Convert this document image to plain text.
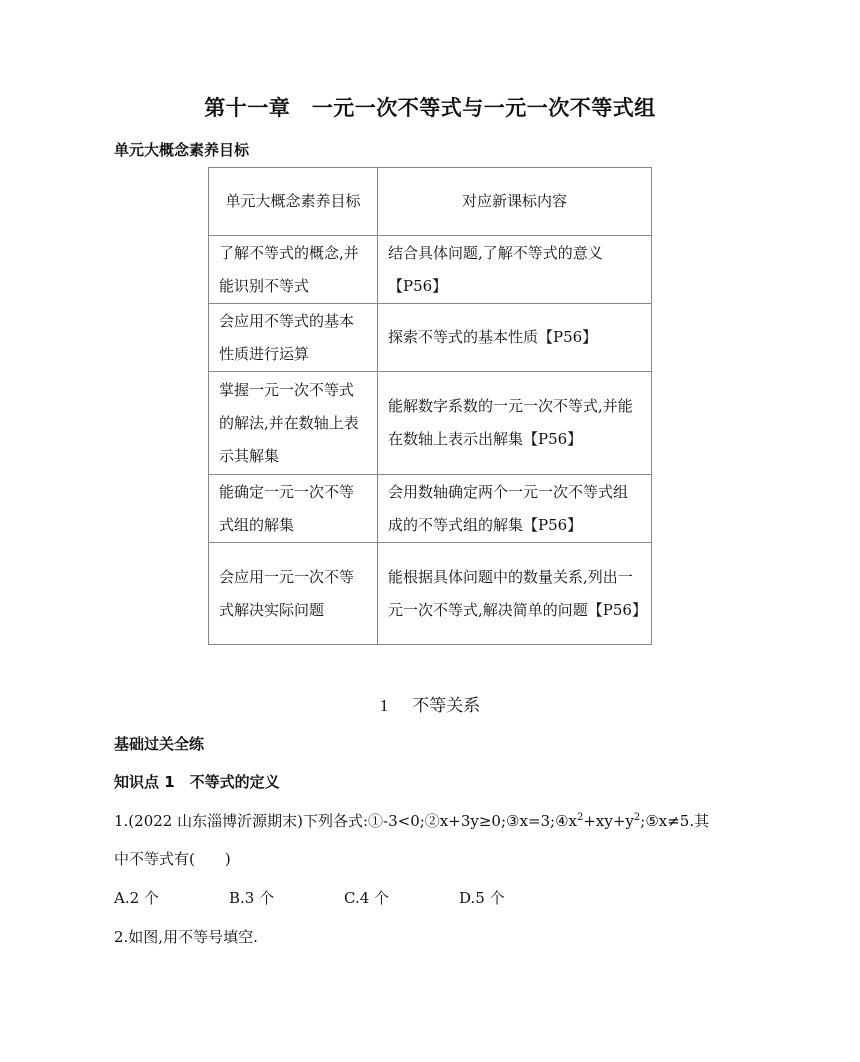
第十一章　一元一次不等式与一元一次不等式组
单元大概念素养目标
单元大概念素养目标	对应新课标内容
了解不等式的概念,并能识别不等式	结合具体问题,了解不等式的意义【P56】
会应用不等式的基本性质进行运算	探索不等式的基本性质【P56】
掌握一元一次不等式的解法,并在数轴上表示其解集	能解数字系数的一元一次不等式,并能在数轴上表示出解集【P56】
能确定一元一次不等式组的解集	会用数轴确定两个一元一次不等式组成的不等式组的解集【P56】
会应用一元一次不等式解决实际问题	能根据具体问题中的数量关系,列出一元一次不等式,解决简单的问题【P56】
1 不等关系
基础过关全练
知识点 1　不等式的定义
1.(2022 山东淄博沂源期末)下列各式$:①-3<0;②x+3y\ge 0;③x=3;④x^2+xy+y^2;⑤x\ne 5$.其
中不等式有(　　)
A.2 个	B.3 个	C.4 个	D.5 个
2.如图,用不等号填空.
